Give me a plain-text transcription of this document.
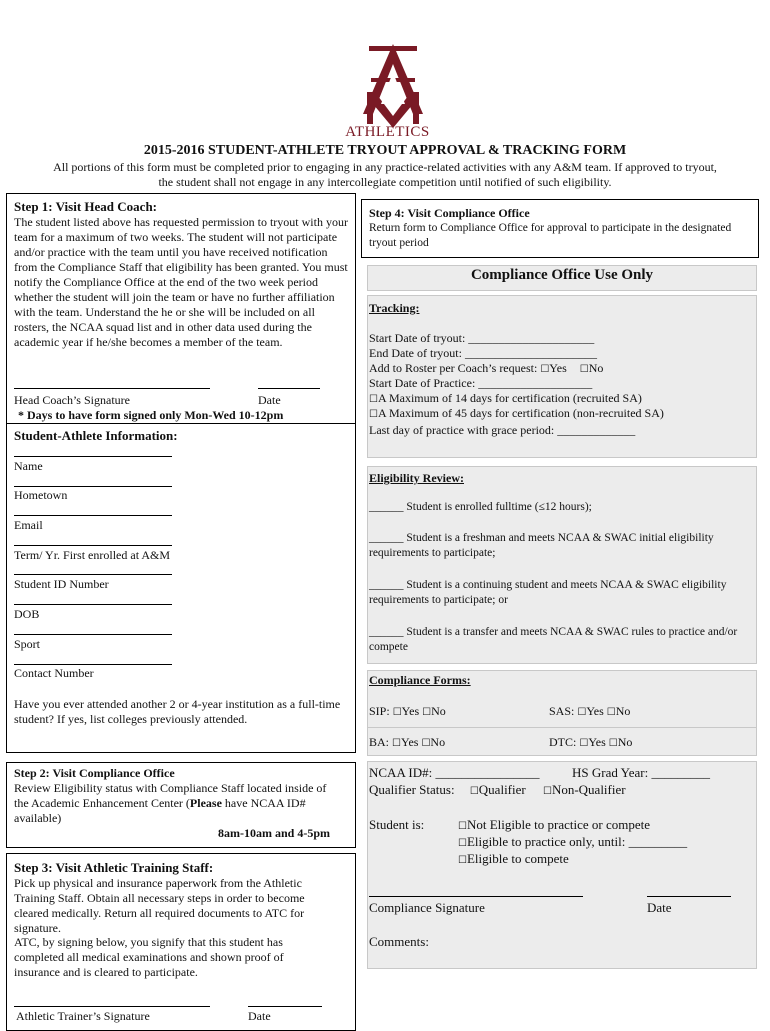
ATHLETICS
2015-2016 STUDENT-ATHLETE TRYOUT APPROVAL & TRACKING FORM
All portions of this form must be completed prior to engaging in any practice-related activities with any A&M team. If approved to tryout, the student shall not engage in any intercollegiate competition until notified of such eligibility.
Step 1: Visit Head Coach:
The student listed above has requested permission to tryout with your team for a maximum of two weeks. The student will not participate and/or practice with the team until you have received notification from the Compliance Staff that eligibility has been granted. You must notify the Compliance Office at the end of the two week period whether the student will join the team or have no further affiliation with the team. Understand the he or she will be included on all rosters, the NCAA squad list and in other data used during the academic year if he/she becomes a member of the team.
Head Coach’s Signature	Date
* Days to have form signed only Mon-Wed 10-12pm
Student-Athlete Information:
Name
Hometown
Email
Term/ Yr. First enrolled at A&M
Student ID Number
DOB
Sport
Contact Number
Have you ever attended another 2 or 4-year institution as a full-time student? If yes, list colleges previously attended.
Step 2: Visit Compliance Office
Review Eligibility status with Compliance Staff located inside of the Academic Enhancement Center (Please have NCAA ID# available)
8am-10am and 4-5pm
Step 3: Visit Athletic Training Staff:
Pick up physical and insurance paperwork from the Athletic Training Staff. Obtain all necessary steps in order to become cleared medically. Return all required documents to ATC for signature.
ATC, by signing below, you signify that this student has completed all medical examinations and shown proof of insurance and is cleared to participate.
Athletic Trainer’s Signature	Date
Step 4: Visit Compliance Office
Return form to Compliance Office for approval to participate in the designated tryout period
Compliance Office Use Only
Tracking:
Start Date of tryout: _____________________
End Date of tryout: ______________________
Add to Roster per Coach’s request: ☐Yes ☐No
Start Date of Practice: ___________________
☐A Maximum of 14 days for certification (recruited SA)
☐A Maximum of 45 days for certification (non-recruited SA)
Last day of practice with grace period: _____________
Eligibility Review:
______ Student is enrolled fulltime (≤12 hours);
______ Student is a freshman and meets NCAA & SWAC initial eligibility requirements to participate;
______ Student is a continuing student and meets NCAA & SWAC eligibility requirements to participate; or
______ Student is a transfer and meets NCAA & SWAC rules to practice and/or compete
Compliance Forms:
SIP: ☐Yes ☐No	SAS: ☐Yes ☐No
BA: ☐Yes ☐No	DTC: ☐Yes ☐No
NCAA ID#: ________________	HS Grad Year: _________
Qualifier Status: ☐Qualifier ☐Non-Qualifier
Student is:	☐Not Eligible to practice or compete
☐Eligible to practice only, until: _________
☐Eligible to compete
Compliance Signature	Date
Comments:
